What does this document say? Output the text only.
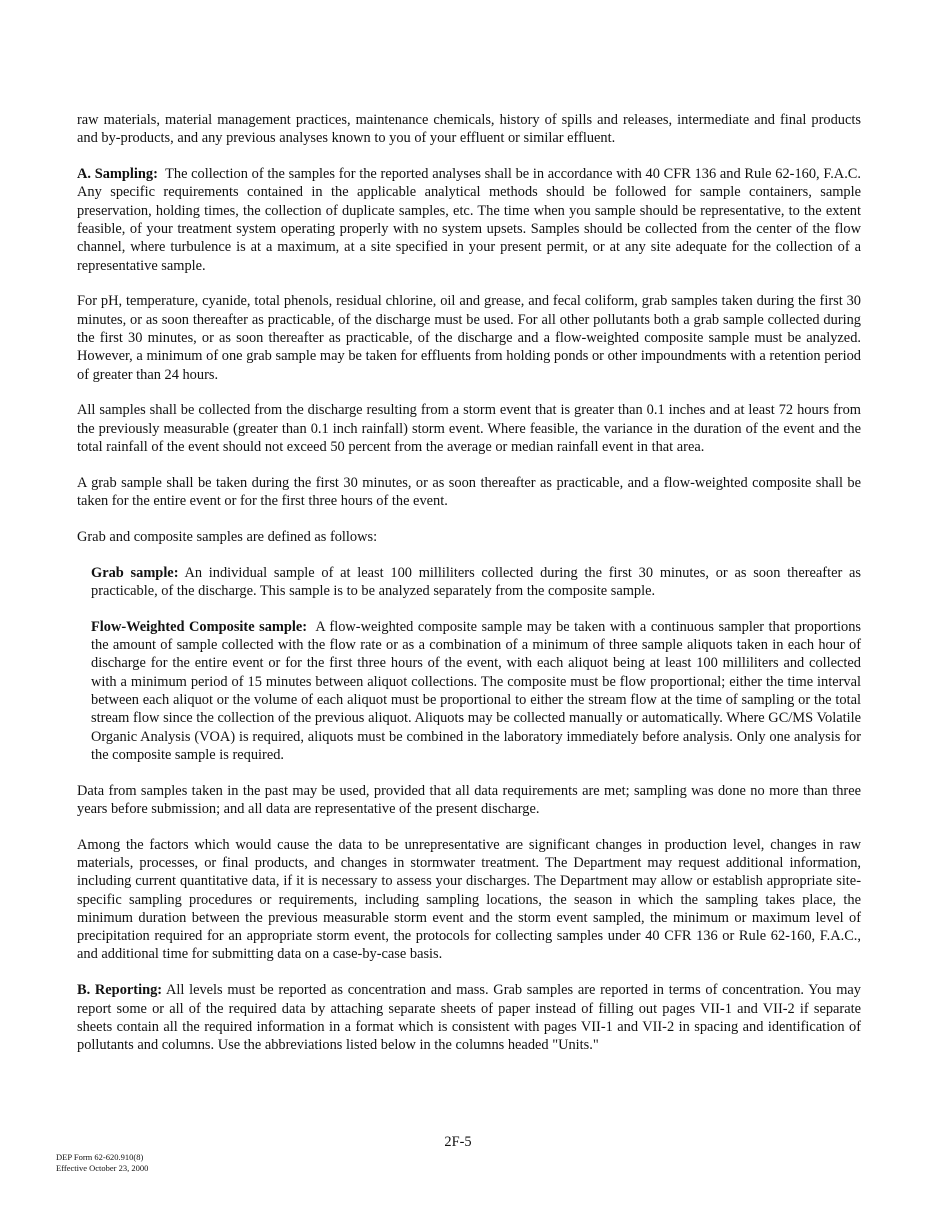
raw materials, material management practices, maintenance chemicals, history of spills and releases, intermediate and final products and by-products, and any previous analyses known to you of your effluent or similar effluent.

A. Sampling: The collection of the samples for the reported analyses shall be in accordance with 40 CFR 136 and Rule 62-160, F.A.C. Any specific requirements contained in the applicable analytical methods should be followed for sample containers, sample preservation, holding times, the collection of duplicate samples, etc. The time when you sample should be representative, to the extent feasible, of your treatment system operating properly with no system upsets. Samples should be collected from the center of the flow channel, where turbulence is at a maximum, at a site specified in your present permit, or at any site adequate for the collection of a representative sample.

For pH, temperature, cyanide, total phenols, residual chlorine, oil and grease, and fecal coliform, grab samples taken during the first 30 minutes, or as soon thereafter as practicable, of the discharge must be used. For all other pollutants both a grab sample collected during the first 30 minutes, or as soon thereafter as practicable, of the discharge and a flow-weighted composite sample must be analyzed. However, a minimum of one grab sample may be taken for effluents from holding ponds or other impoundments with a retention period of greater than 24 hours.

All samples shall be collected from the discharge resulting from a storm event that is greater than 0.1 inches and at least 72 hours from the previously measurable (greater than 0.1 inch rainfall) storm event. Where feasible, the variance in the duration of the event and the total rainfall of the event should not exceed 50 percent from the average or median rainfall event in that area.

A grab sample shall be taken during the first 30 minutes, or as soon thereafter as practicable, and a flow-weighted composite shall be taken for the entire event or for the first three hours of the event.

Grab and composite samples are defined as follows:

Grab sample: An individual sample of at least 100 milliliters collected during the first 30 minutes, or as soon thereafter as practicable, of the discharge. This sample is to be analyzed separately from the composite sample.

Flow-Weighted Composite sample: A flow-weighted composite sample may be taken with a continuous sampler that proportions the amount of sample collected with the flow rate or as a combination of a minimum of three sample aliquots taken in each hour of discharge for the entire event or for the first three hours of the event, with each aliquot being at least 100 milliliters and collected with a minimum period of 15 minutes between aliquot collections. The composite must be flow proportional; either the time interval between each aliquot or the volume of each aliquot must be proportional to either the stream flow at the time of sampling or the total stream flow since the collection of the previous aliquot. Aliquots may be collected manually or automatically. Where GC/MS Volatile Organic Analysis (VOA) is required, aliquots must be combined in the laboratory immediately before analysis. Only one analysis for the composite sample is required.

Data from samples taken in the past may be used, provided that all data requirements are met; sampling was done no more than three years before submission; and all data are representative of the present discharge.

Among the factors which would cause the data to be unrepresentative are significant changes in production level, changes in raw materials, processes, or final products, and changes in stormwater treatment. The Department may request additional information, including current quantitative data, if it is necessary to assess your discharges. The Department may allow or establish appropriate site-specific sampling procedures or requirements, including sampling locations, the season in which the sampling takes place, the minimum duration between the previous measurable storm event and the storm event sampled, the minimum or maximum level of precipitation required for an appropriate storm event, the protocols for collecting samples under 40 CFR 136 or Rule 62-160, F.A.C., and additional time for submitting data on a case-by-case basis.

B. Reporting: All levels must be reported as concentration and mass. Grab samples are reported in terms of concentration. You may report some or all of the required data by attaching separate sheets of paper instead of filling out pages VII-1 and VII-2 if separate sheets contain all the required information in a format which is consistent with pages VII-1 and VII-2 in spacing and identification of pollutants and columns. Use the abbreviations listed below in the columns headed "Units."

2F-5
DEP Form 62-620.910(8)
Effective October 23, 2000
